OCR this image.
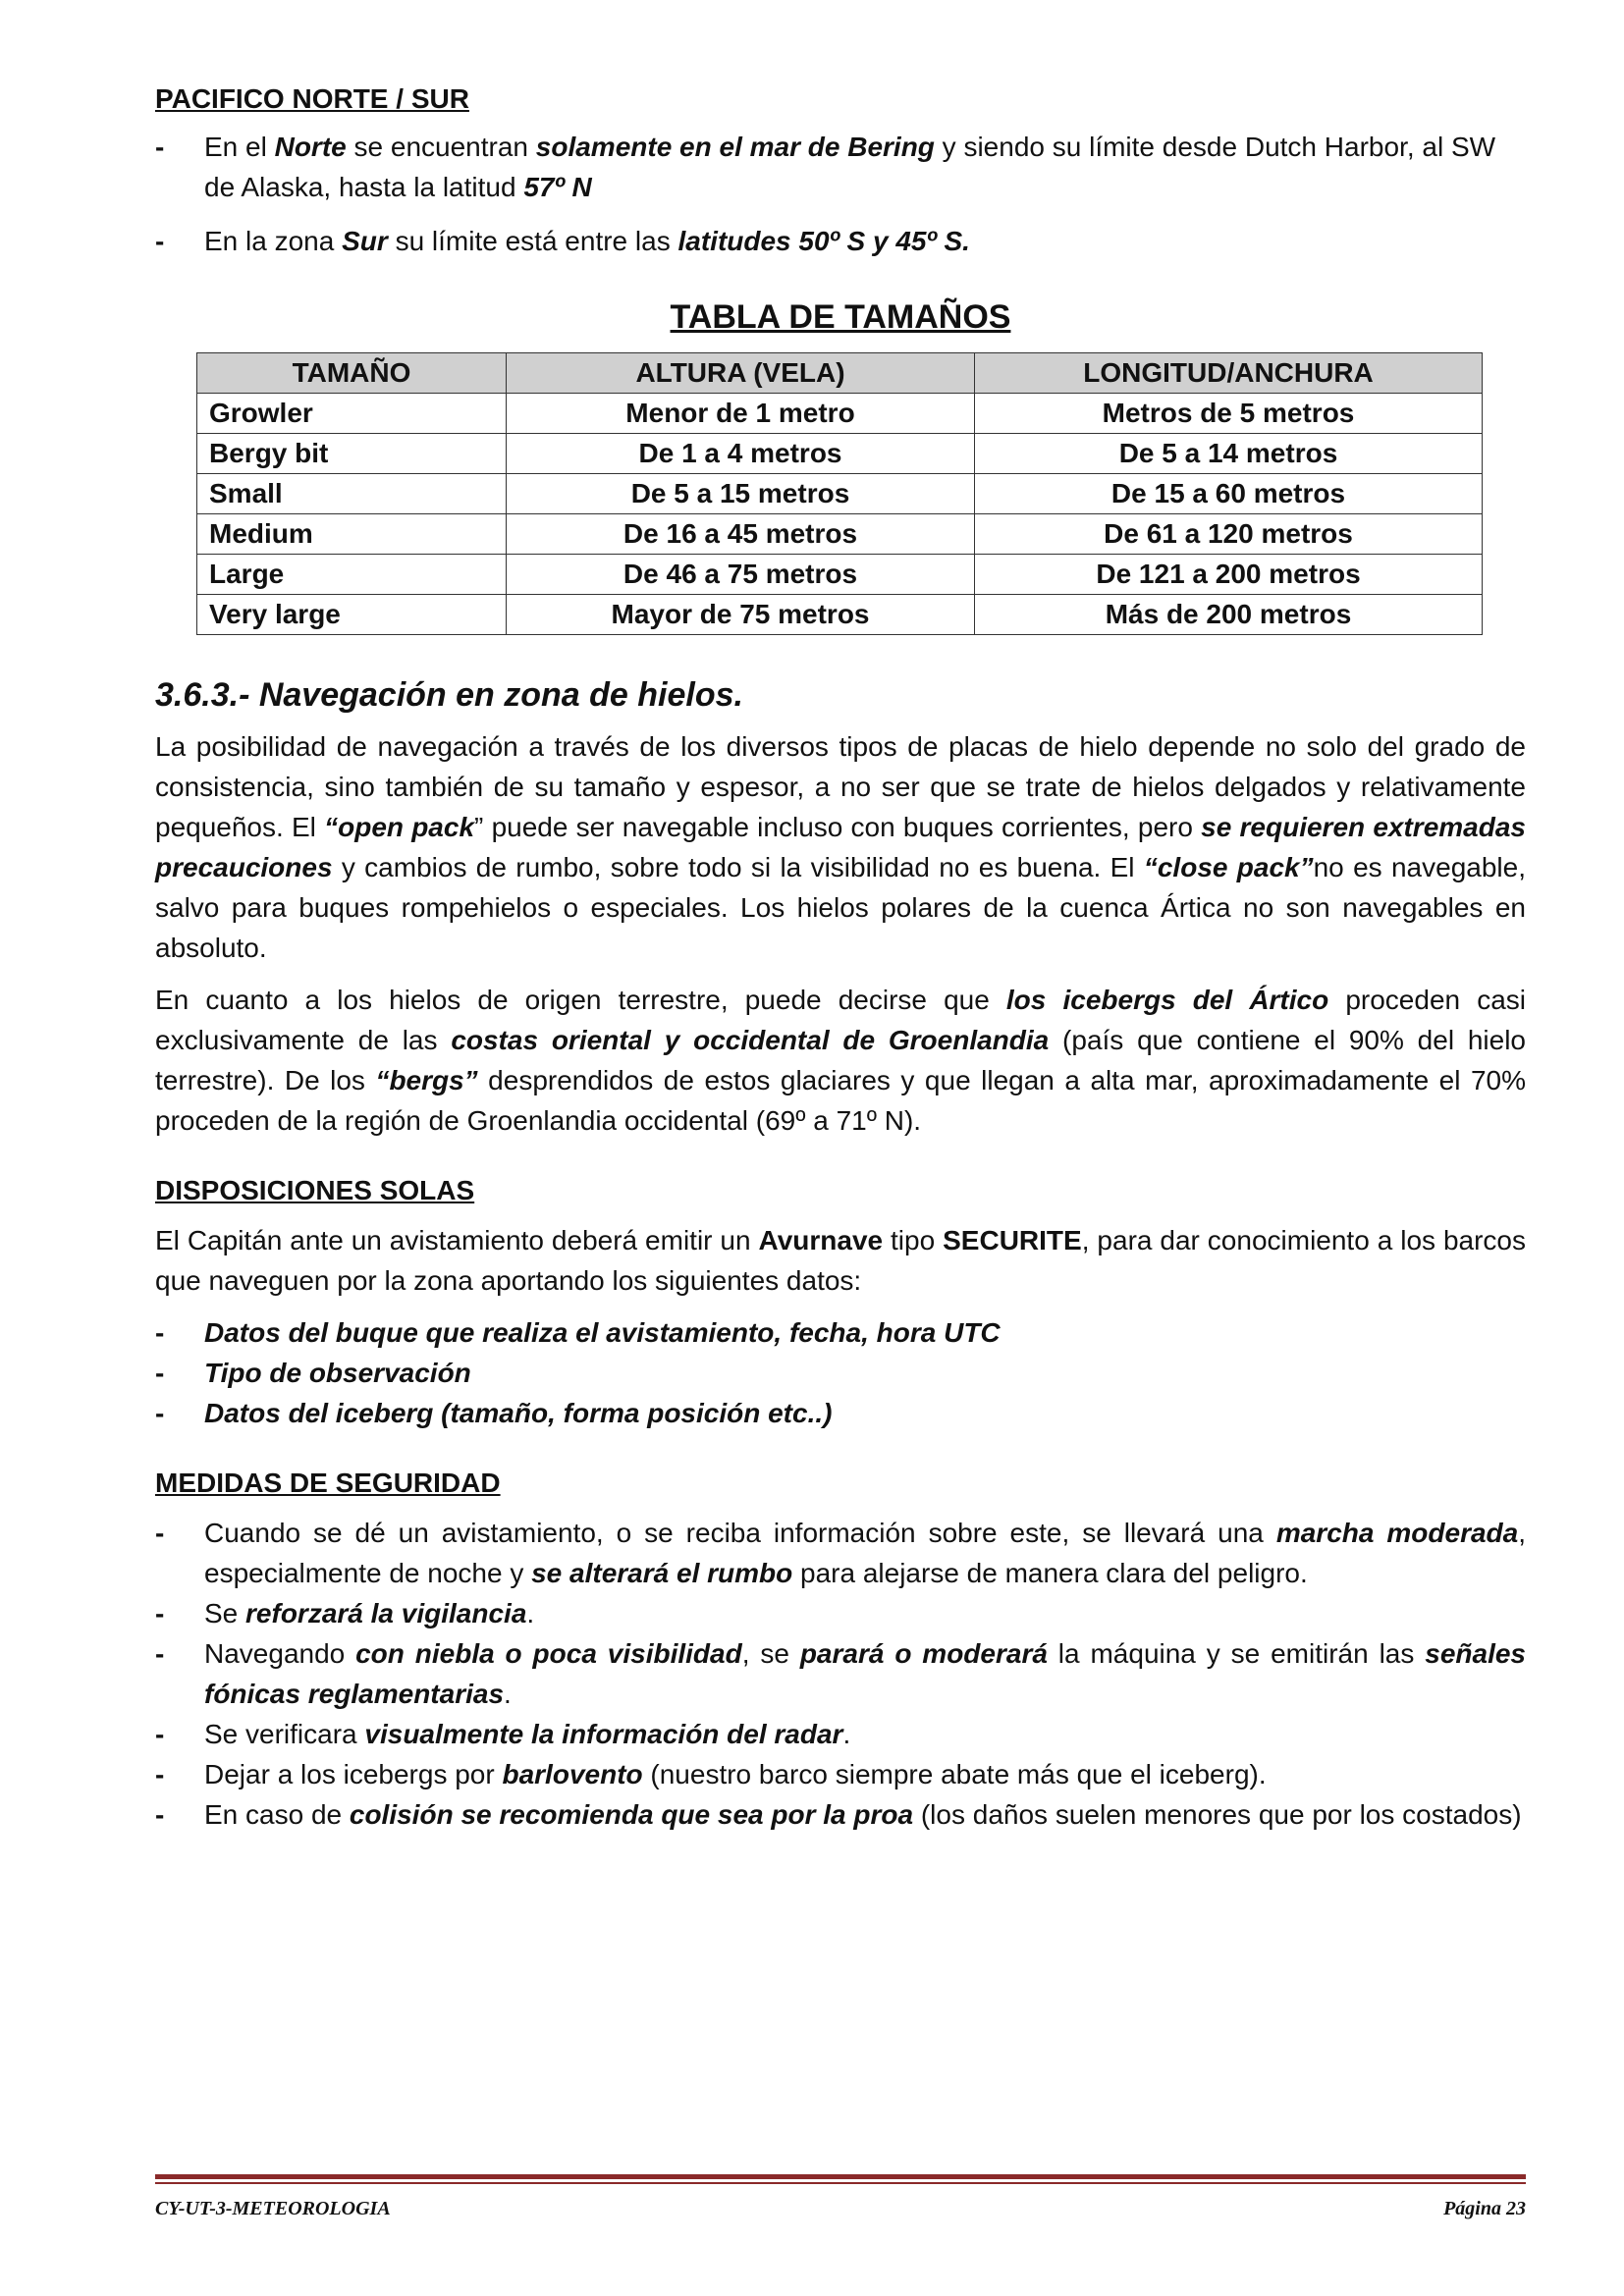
PACIFICO NORTE / SUR

- En el Norte se encuentran solamente en el mar de Bering y siendo su límite desde Dutch Harbor, al SW de Alaska, hasta la latitud 57º N
- En la zona Sur su límite está entre las latitudes 50º S y 45º S.

TABLA DE TAMAÑOS

TAMAÑO	ALTURA (VELA)	LONGITUD/ANCHURA
Growler	Menor de 1 metro	Metros de 5 metros
Bergy bit	De 1 a 4 metros	De 5 a 14 metros
Small	De 5 a 15 metros	De 15 a 60 metros
Medium	De 16 a 45 metros	De 61 a 120 metros
Large	De 46 a 75 metros	De 121 a 200 metros
Very large	Mayor de 75 metros	Más de 200 metros

3.6.3.- Navegación en zona de hielos.

La posibilidad de navegación a través de los diversos tipos de placas de hielo depende no solo del grado de consistencia, sino también de su tamaño y espesor, a no ser que se trate de hielos delgados y relativamente pequeños. El “open pack” puede ser navegable incluso con buques corrientes, pero se requieren extremadas precauciones y cambios de rumbo, sobre todo si la visibilidad no es buena. El “close pack”no es navegable, salvo para buques rompehielos o especiales. Los hielos polares de la cuenca Ártica no son navegables en absoluto.

En cuanto a los hielos de origen terrestre, puede decirse que los icebergs del Ártico proceden casi exclusivamente de las costas oriental y occidental de Groenlandia (país que contiene el 90% del hielo terrestre). De los “bergs” desprendidos de estos glaciares y que llegan a alta mar, aproximadamente el 70% proceden de la región de Groenlandia occidental (69º a 71º N).

DISPOSICIONES SOLAS

El Capitán ante un avistamiento deberá emitir un Avurnave tipo SECURITE, para dar conocimiento a los barcos que naveguen por la zona aportando los siguientes datos:

- Datos del buque que realiza el avistamiento, fecha, hora UTC
- Tipo de observación
- Datos del iceberg (tamaño, forma posición etc..)

MEDIDAS DE SEGURIDAD

- Cuando se dé un avistamiento, o se reciba información sobre este, se llevará una marcha moderada, especialmente de noche y se alterará el rumbo para alejarse de manera clara del peligro.
- Se reforzará la vigilancia.
- Navegando con niebla o poca visibilidad, se parará o moderará la máquina y se emitirán las señales fónicas reglamentarias.
- Se verificara visualmente la información del radar.
- Dejar a los icebergs por barlovento (nuestro barco siempre abate más que el iceberg).
- En caso de colisión se recomienda que sea por la proa (los daños suelen menores que por los costados)
CY-UT-3-METEOROLOGIA	Página 23
